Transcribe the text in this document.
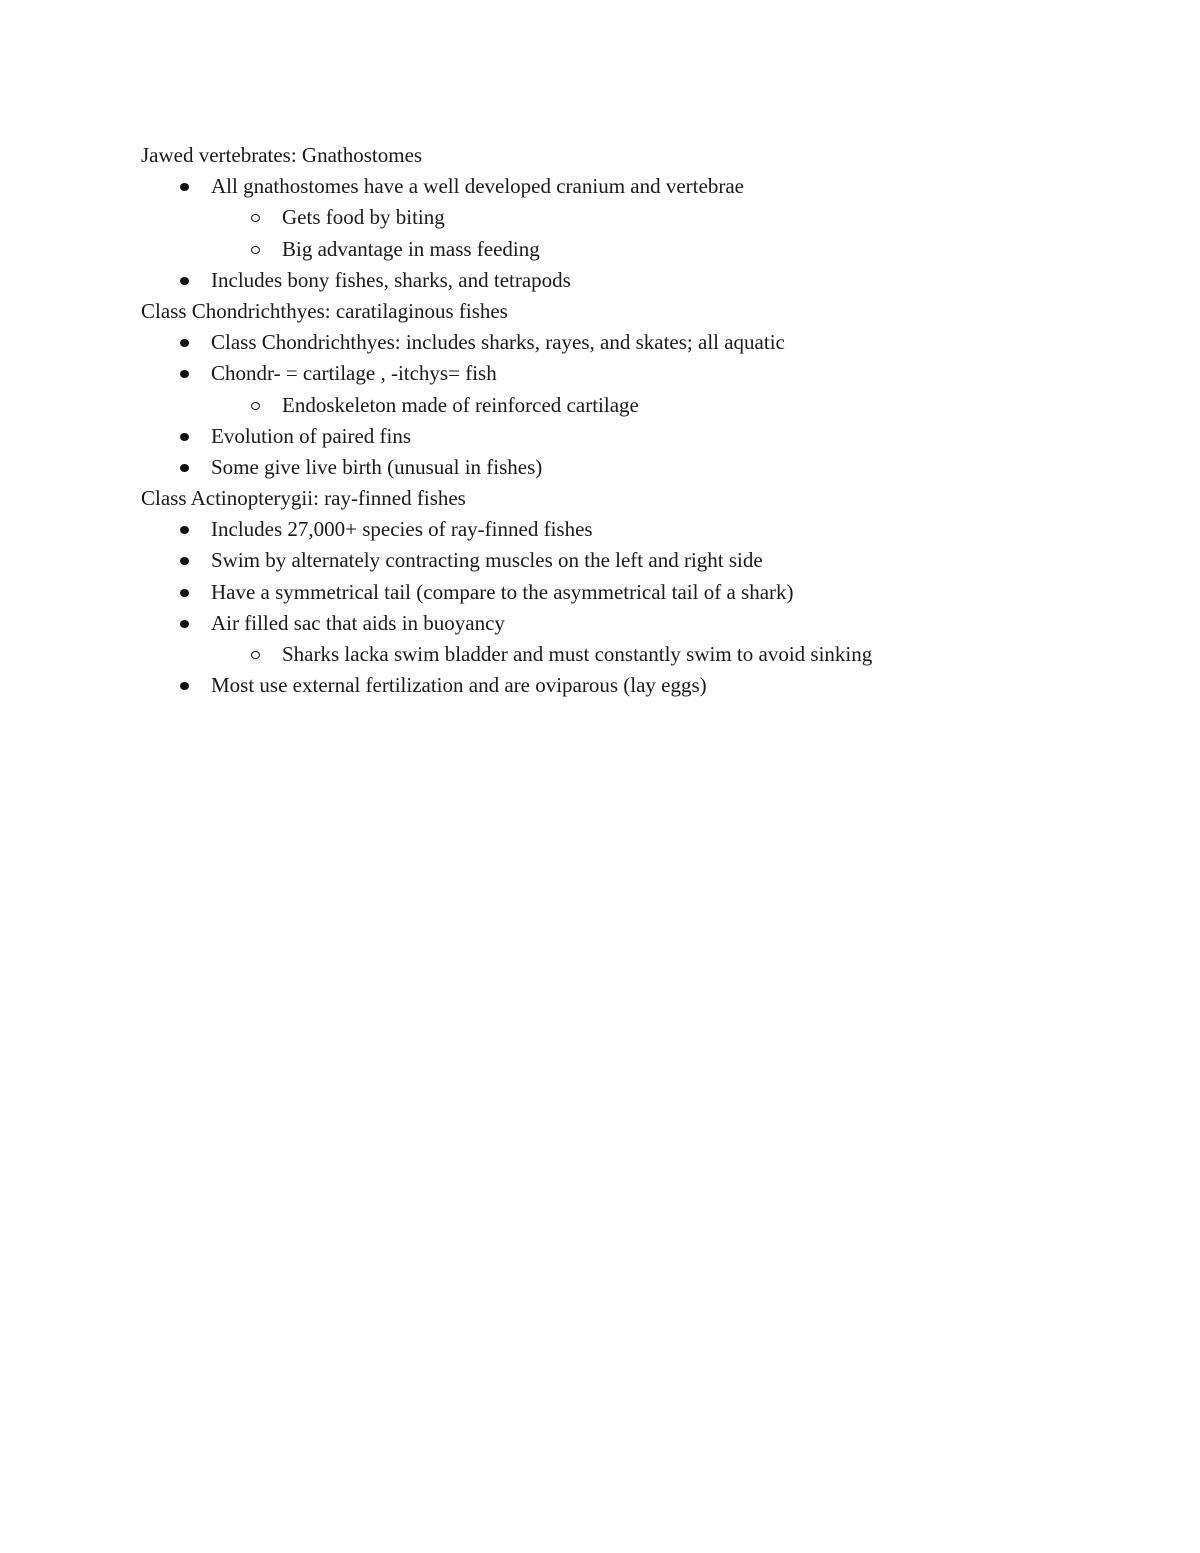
Jawed vertebrates: Gnathostomes
All gnathostomes have a well developed cranium and vertebrae
Gets food by biting
Big advantage in mass feeding
Includes bony fishes, sharks, and tetrapods
Class Chondrichthyes: caratilaginous fishes
Class Chondrichthyes: includes sharks, rayes, and skates; all aquatic
Chondr- = cartilage , -itchys= fish
Endoskeleton made of reinforced cartilage
Evolution of paired fins
Some give live birth (unusual in fishes)
Class Actinopterygii: ray-finned fishes
Includes 27,000+ species of ray-finned fishes
Swim by alternately contracting muscles on the left and right side
Have a symmetrical tail (compare to the asymmetrical tail of a shark)
Air filled sac that aids in buoyancy
Sharks lacka swim bladder and must constantly swim to avoid sinking
Most use external fertilization and are oviparous (lay eggs)
